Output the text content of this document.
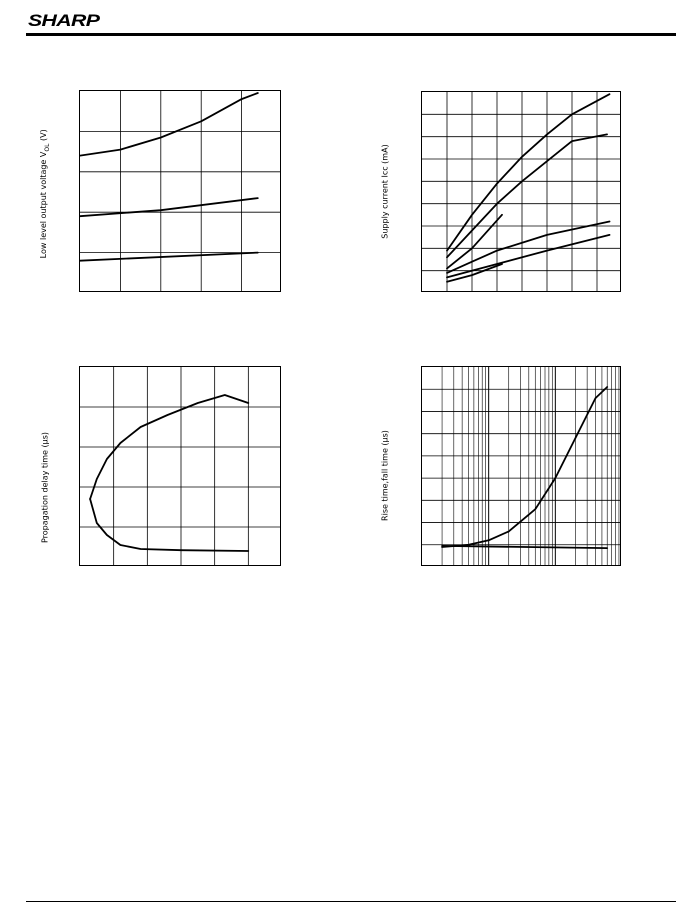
SHARP
Low level output voltage $V_{OL}$ (V)
Supply current Icc (mA)
Propagation delay time (µs)	Rise time,fall time (µs)
